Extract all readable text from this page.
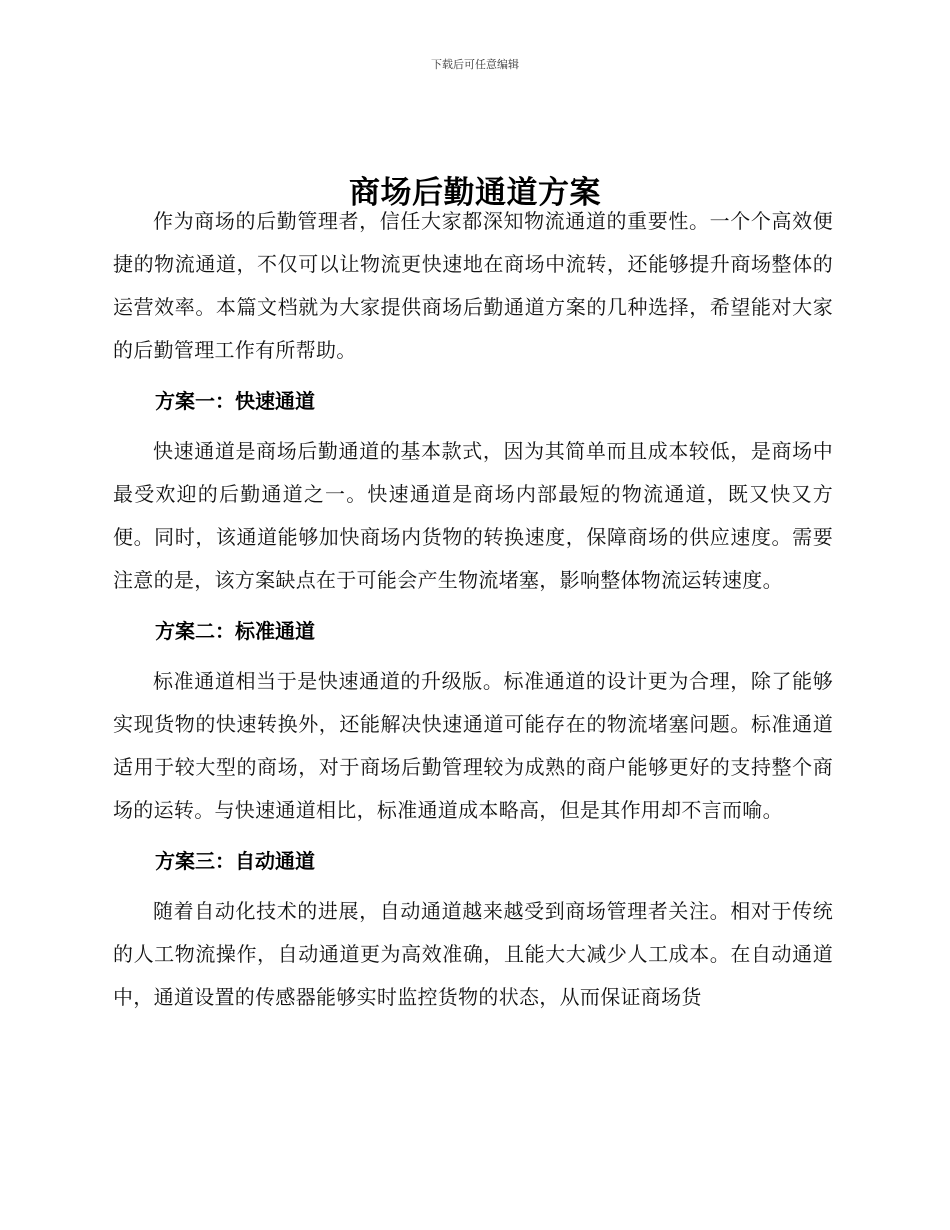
下载后可任意编辑
商场后勤通道方案

作为商场的后勤管理者，信任大家都深知物流通道的重要性。一个个高效便捷的物流通道，不仅可以让物流更快速地在商场中流转，还能够提升商场整体的运营效率。本篇文档就为大家提供商场后勤通道方案的几种选择，希望能对大家的后勤管理工作有所帮助。

方案一：快速通道

快速通道是商场后勤通道的基本款式，因为其简单而且成本较低，是商场中最受欢迎的后勤通道之一。快速通道是商场内部最短的物流通道，既又快又方便。同时，该通道能够加快商场内货物的转换速度，保障商场的供应速度。需要注意的是，该方案缺点在于可能会产生物流堵塞，影响整体物流运转速度。

方案二：标准通道

标准通道相当于是快速通道的升级版。标准通道的设计更为合理，除了能够实现货物的快速转换外，还能解决快速通道可能存在的物流堵塞问题。标准通道适用于较大型的商场，对于商场后勤管理较为成熟的商户能够更好的支持整个商场的运转。与快速通道相比，标准通道成本略高，但是其作用却不言而喻。

方案三：自动通道

随着自动化技术的进展，自动通道越来越受到商场管理者关注。相对于传统的人工物流操作，自动通道更为高效准确，且能大大减少人工成本。在自动通道中，通道设置的传感器能够实时监控货物的状态，从而保证商场货
